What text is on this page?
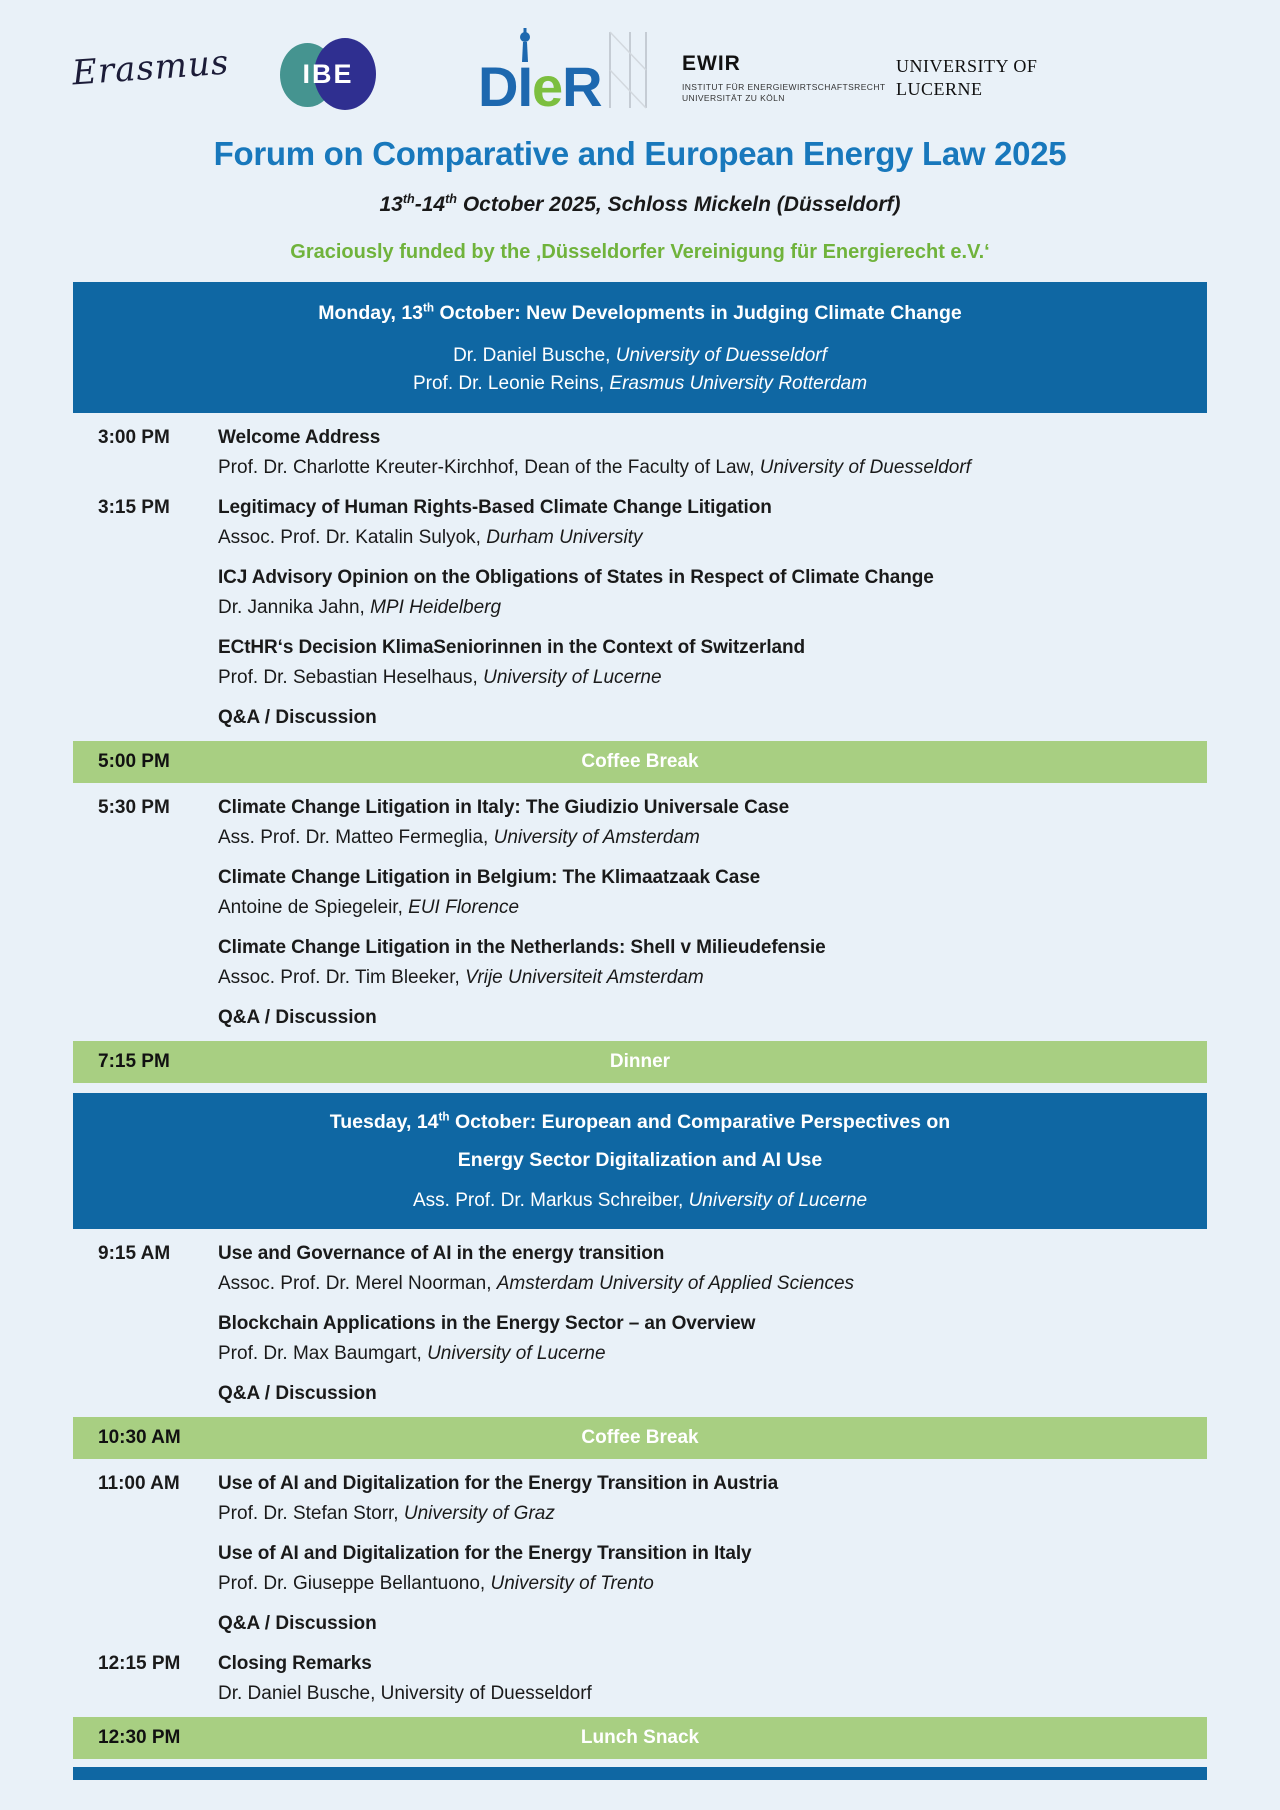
Erasmus	IBE	DIeR	EWIR
INSTITUT FÜR ENERGIEWIRTSCHAFTSRECHT
UNIVERSITÄT ZU KÖLN
UNIVERSITY OF
LUCERNE
Forum on Comparative and European Energy Law 2025
13th-14th October 2025, Schloss Mickeln (Düsseldorf)
Graciously funded by the ‚Düsseldorfer Vereinigung für Energierecht e.V.‘
Monday, 13th October: New Developments in Judging Climate Change
Dr. Daniel Busche, University of Duesseldorf
Prof. Dr. Leonie Reins, Erasmus University Rotterdam
3:00 PM	Welcome Address
Prof. Dr. Charlotte Kreuter-Kirchhof, Dean of the Faculty of Law, University of Duesseldorf
3:15 PM	Legitimacy of Human Rights-Based Climate Change Litigation
Assoc. Prof. Dr. Katalin Sulyok, Durham University
ICJ Advisory Opinion on the Obligations of States in Respect of Climate Change
Dr. Jannika Jahn, MPI Heidelberg
ECtHR‘s Decision KlimaSeniorinnen in the Context of Switzerland
Prof. Dr. Sebastian Heselhaus, University of Lucerne
Q&A / Discussion
5:00 PM	Coffee Break
5:30 PM	Climate Change Litigation in Italy: The Giudizio Universale Case
Ass. Prof. Dr. Matteo Fermeglia, University of Amsterdam
Climate Change Litigation in Belgium: The Klimaatzaak Case
Antoine de Spiegeleir, EUI Florence
Climate Change Litigation in the Netherlands: Shell v Milieudefensie
Assoc. Prof. Dr. Tim Bleeker, Vrije Universiteit Amsterdam
Q&A / Discussion
7:15 PM	Dinner
Tuesday, 14th October: European and Comparative Perspectives on
Energy Sector Digitalization and AI Use
Ass. Prof. Dr. Markus Schreiber, University of Lucerne
9:15 AM	Use and Governance of AI in the energy transition
Assoc. Prof. Dr. Merel Noorman, Amsterdam University of Applied Sciences
Blockchain Applications in the Energy Sector – an Overview
Prof. Dr. Max Baumgart, University of Lucerne
Q&A / Discussion
10:30 AM	Coffee Break
11:00 AM	Use of AI and Digitalization for the Energy Transition in Austria
Prof. Dr. Stefan Storr, University of Graz
Use of AI and Digitalization for the Energy Transition in Italy
Prof. Dr. Giuseppe Bellantuono, University of Trento
Q&A / Discussion
12:15 PM	Closing Remarks
Dr. Daniel Busche, University of Duesseldorf
12:30 PM	Lunch Snack
